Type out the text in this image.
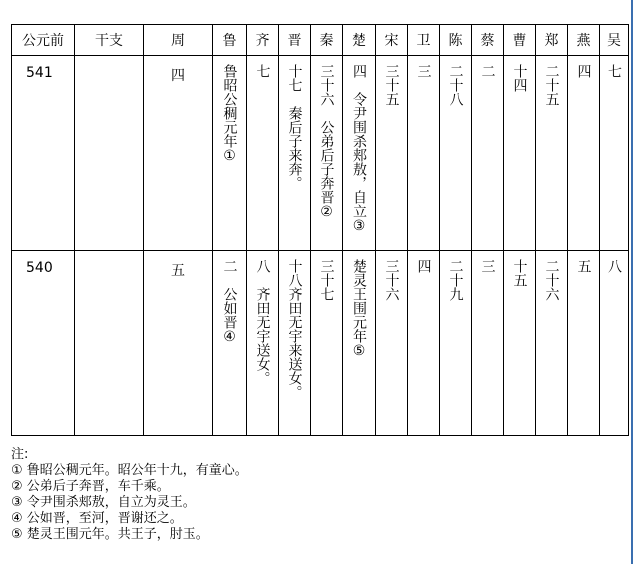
公元前	干支	周	鲁	齐	晋	秦	楚	宋	卫	陈	蔡	曹	郑	燕	吴
541		四	鲁昭公稠元年①	七	十七　秦后子来奔。	三十六　公弟后子奔晋②	四　令尹围杀郏敖，自立③	三十五	三	二十八	二	十四	二十五	四	七

540		五	二　公如晋④	八　齐田无宇送女。	十八齐田无宇来送女。	三十七	楚灵王围元年⑤	三十六	四	二十九	三	十五	二十六	五	八
注:
① 鲁昭公稠元年。昭公年十九，有童心。
② 公弟后子奔晋，车千乘。
③ 令尹围杀郏敖，自立为灵王。
④ 公如晋，至河，晋谢还之。
⑤ 楚灵王围元年。共王子，肘玉。
